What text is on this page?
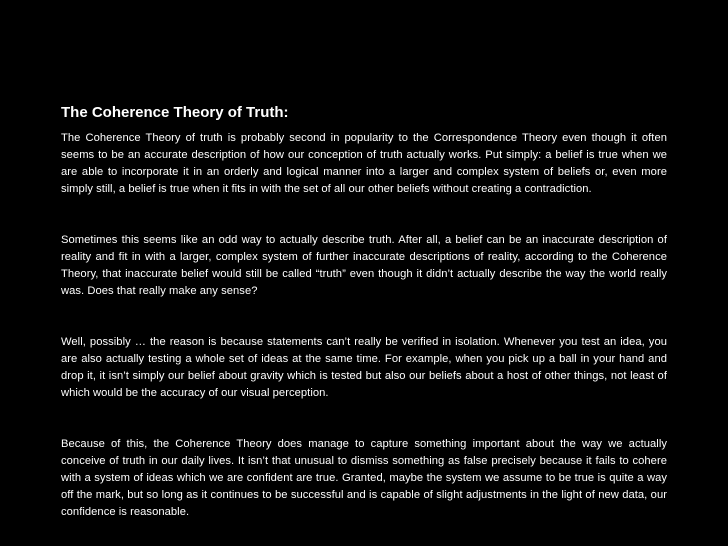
The Coherence Theory of Truth:

The Coherence Theory of truth is probably second in popularity to the Correspondence Theory even though it often seems to be an accurate description of how our conception of truth actually works. Put simply: a belief is true when we are able to incorporate it in an orderly and logical manner into a larger and complex system of beliefs or, even more simply still, a belief is true when it fits in with the set of all our other beliefs without creating a contradiction.

Sometimes this seems like an odd way to actually describe truth. After all, a belief can be an inaccurate description of reality and fit in with a larger, complex system of further inaccurate descriptions of reality, according to the Coherence Theory, that inaccurate belief would still be called “truth” even though it didn’t actually describe the way the world really was. Does that really make any sense?

Well, possibly … the reason is because statements can’t really be verified in isolation. Whenever you test an idea, you are also actually testing a whole set of ideas at the same time. For example, when you pick up a ball in your hand and drop it, it isn’t simply our belief about gravity which is tested but also our beliefs about a host of other things, not least of which would be the accuracy of our visual perception.

Because of this, the Coherence Theory does manage to capture something important about the way we actually conceive of truth in our daily lives. It isn’t that unusual to dismiss something as false precisely because it fails to cohere with a system of ideas which we are confident are true. Granted, maybe the system we assume to be true is quite a way off the mark, but so long as it continues to be successful and is capable of slight adjustments in the light of new data, our confidence is reasonable.
